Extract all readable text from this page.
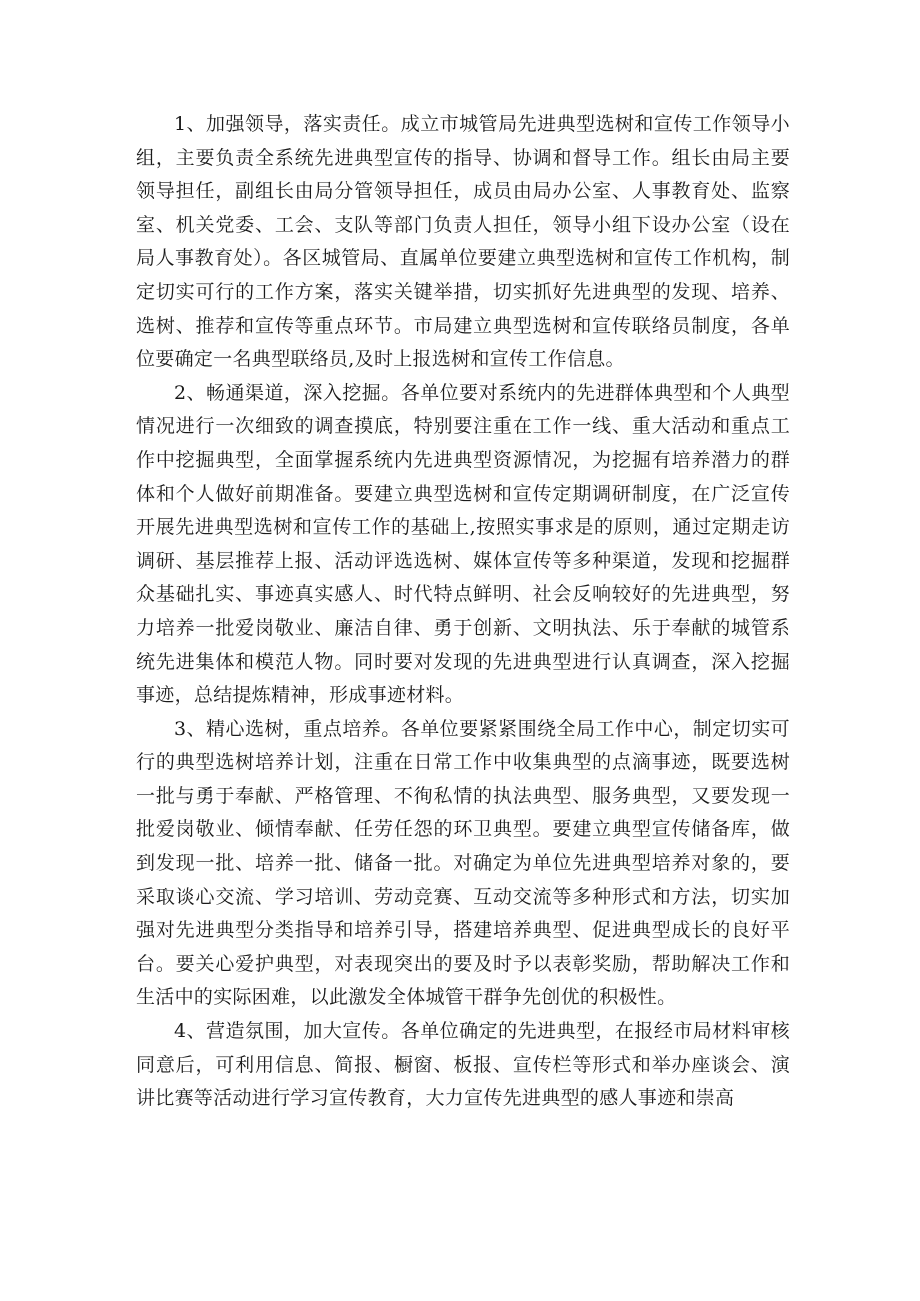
1、加强领导，落实责任。成立市城管局先进典型选树和宣传工作领导小组，主要负责全系统先进典型宣传的指导、协调和督导工作。组长由局主要领导担任，副组长由局分管领导担任，成员由局办公室、人事教育处、监察室、机关党委、工会、支队等部门负责人担任，领导小组下设办公室（设在局人事教育处）。各区城管局、直属单位要建立典型选树和宣传工作机构，制定切实可行的工作方案，落实关键举措，切实抓好先进典型的发现、培养、选树、推荐和宣传等重点环节。市局建立典型选树和宣传联络员制度，各单位要确定一名典型联络员,及时上报选树和宣传工作信息。

2、畅通渠道，深入挖掘。各单位要对系统内的先进群体典型和个人典型情况进行一次细致的调查摸底，特别要注重在工作一线、重大活动和重点工作中挖掘典型，全面掌握系统内先进典型资源情况，为挖掘有培养潜力的群体和个人做好前期准备。要建立典型选树和宣传定期调研制度，在广泛宣传开展先进典型选树和宣传工作的基础上,按照实事求是的原则，通过定期走访调研、基层推荐上报、活动评选选树、媒体宣传等多种渠道，发现和挖掘群众基础扎实、事迹真实感人、时代特点鲜明、社会反响较好的先进典型，努力培养一批爱岗敬业、廉洁自律、勇于创新、文明执法、乐于奉献的城管系统先进集体和模范人物。同时要对发现的先进典型进行认真调查，深入挖掘事迹，总结提炼精神，形成事迹材料。

3、精心选树，重点培养。各单位要紧紧围绕全局工作中心，制定切实可行的典型选树培养计划，注重在日常工作中收集典型的点滴事迹，既要选树一批与勇于奉献、严格管理、不徇私情的执法典型、服务典型，又要发现一批爱岗敬业、倾情奉献、任劳任怨的环卫典型。要建立典型宣传储备库，做到发现一批、培养一批、储备一批。对确定为单位先进典型培养对象的，要采取谈心交流、学习培训、劳动竞赛、互动交流等多种形式和方法，切实加强对先进典型分类指导和培养引导，搭建培养典型、促进典型成长的良好平台。要关心爱护典型，对表现突出的要及时予以表彰奖励，帮助解决工作和生活中的实际困难，以此激发全体城管干群争先创优的积极性。

4、营造氛围，加大宣传。各单位确定的先进典型，在报经市局材料审核同意后，可利用信息、简报、橱窗、板报、宣传栏等形式和举办座谈会、演讲比赛等活动进行学习宣传教育，大力宣传先进典型的感人事迹和崇高
